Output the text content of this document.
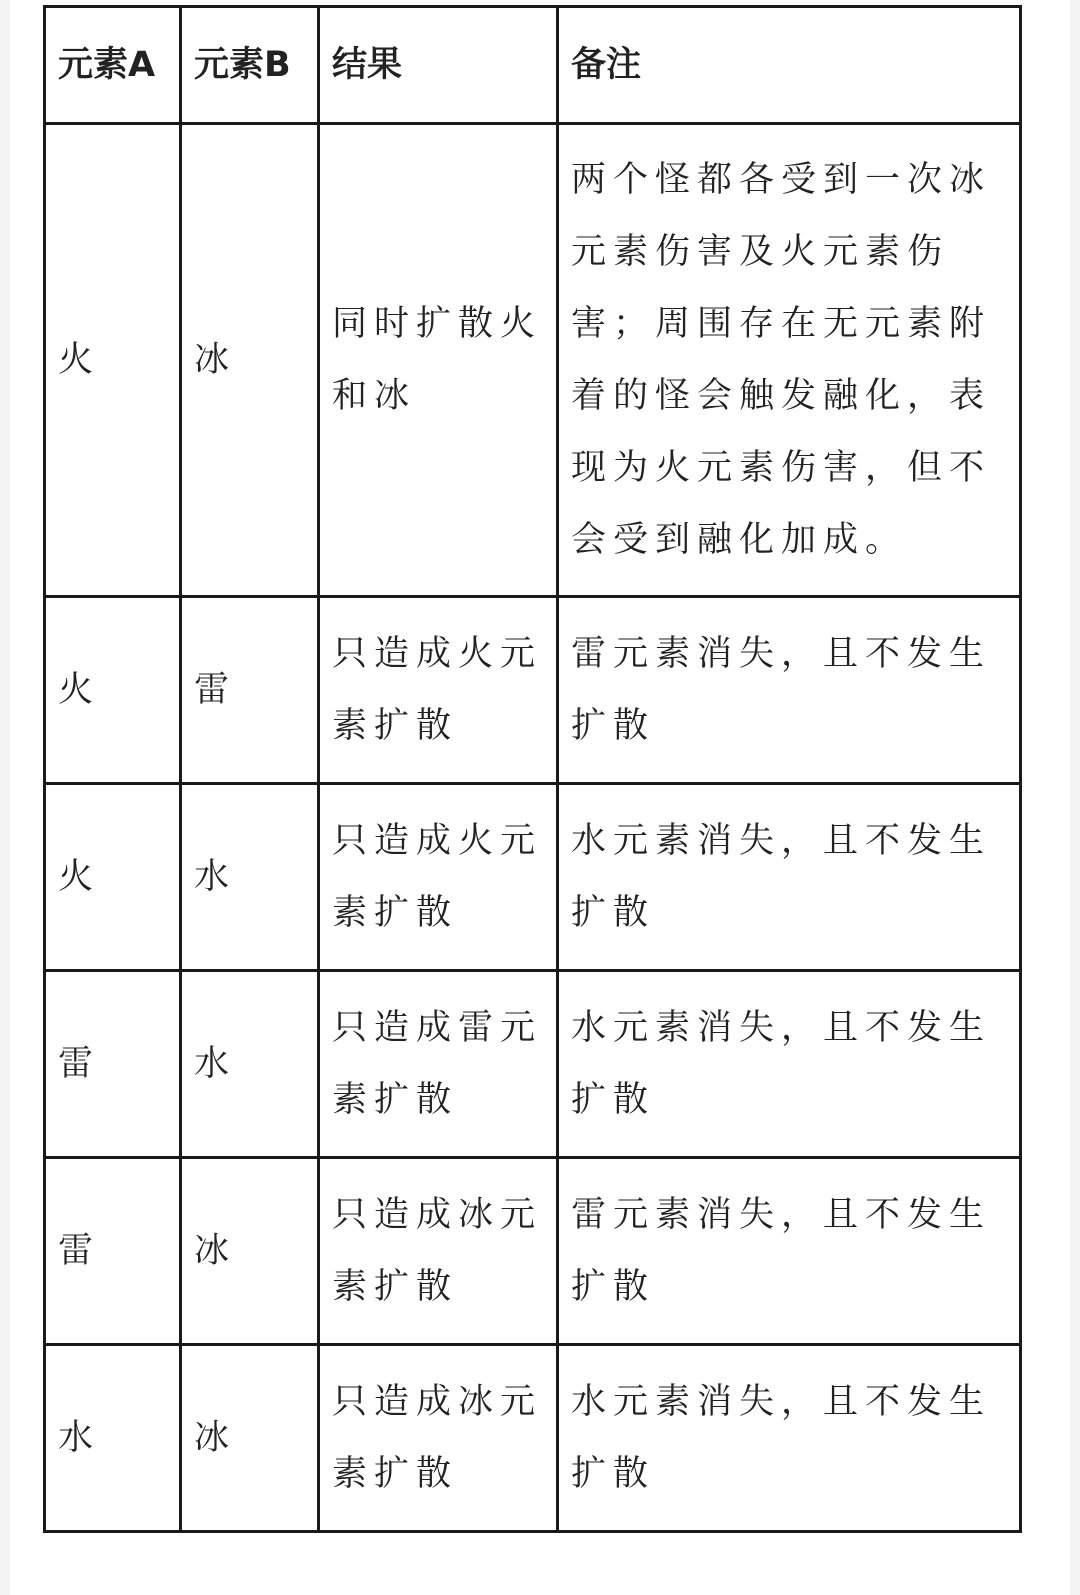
元素A	元素B	结果	备注
火	冰	同时扩散火和冰	两个怪都各受到一次冰元素伤害及火元素伤害；周围存在无元素附着的怪会触发融化，表现为火元素伤害，但不会受到融化加成。
火	雷	只造成火元素扩散	雷元素消失，且不发生扩散
火	水	只造成火元素扩散	水元素消失，且不发生扩散
雷	水	只造成雷元素扩散	水元素消失，且不发生扩散
雷	冰	只造成冰元素扩散	雷元素消失，且不发生扩散
水	冰	只造成冰元素扩散	水元素消失，且不发生扩散
